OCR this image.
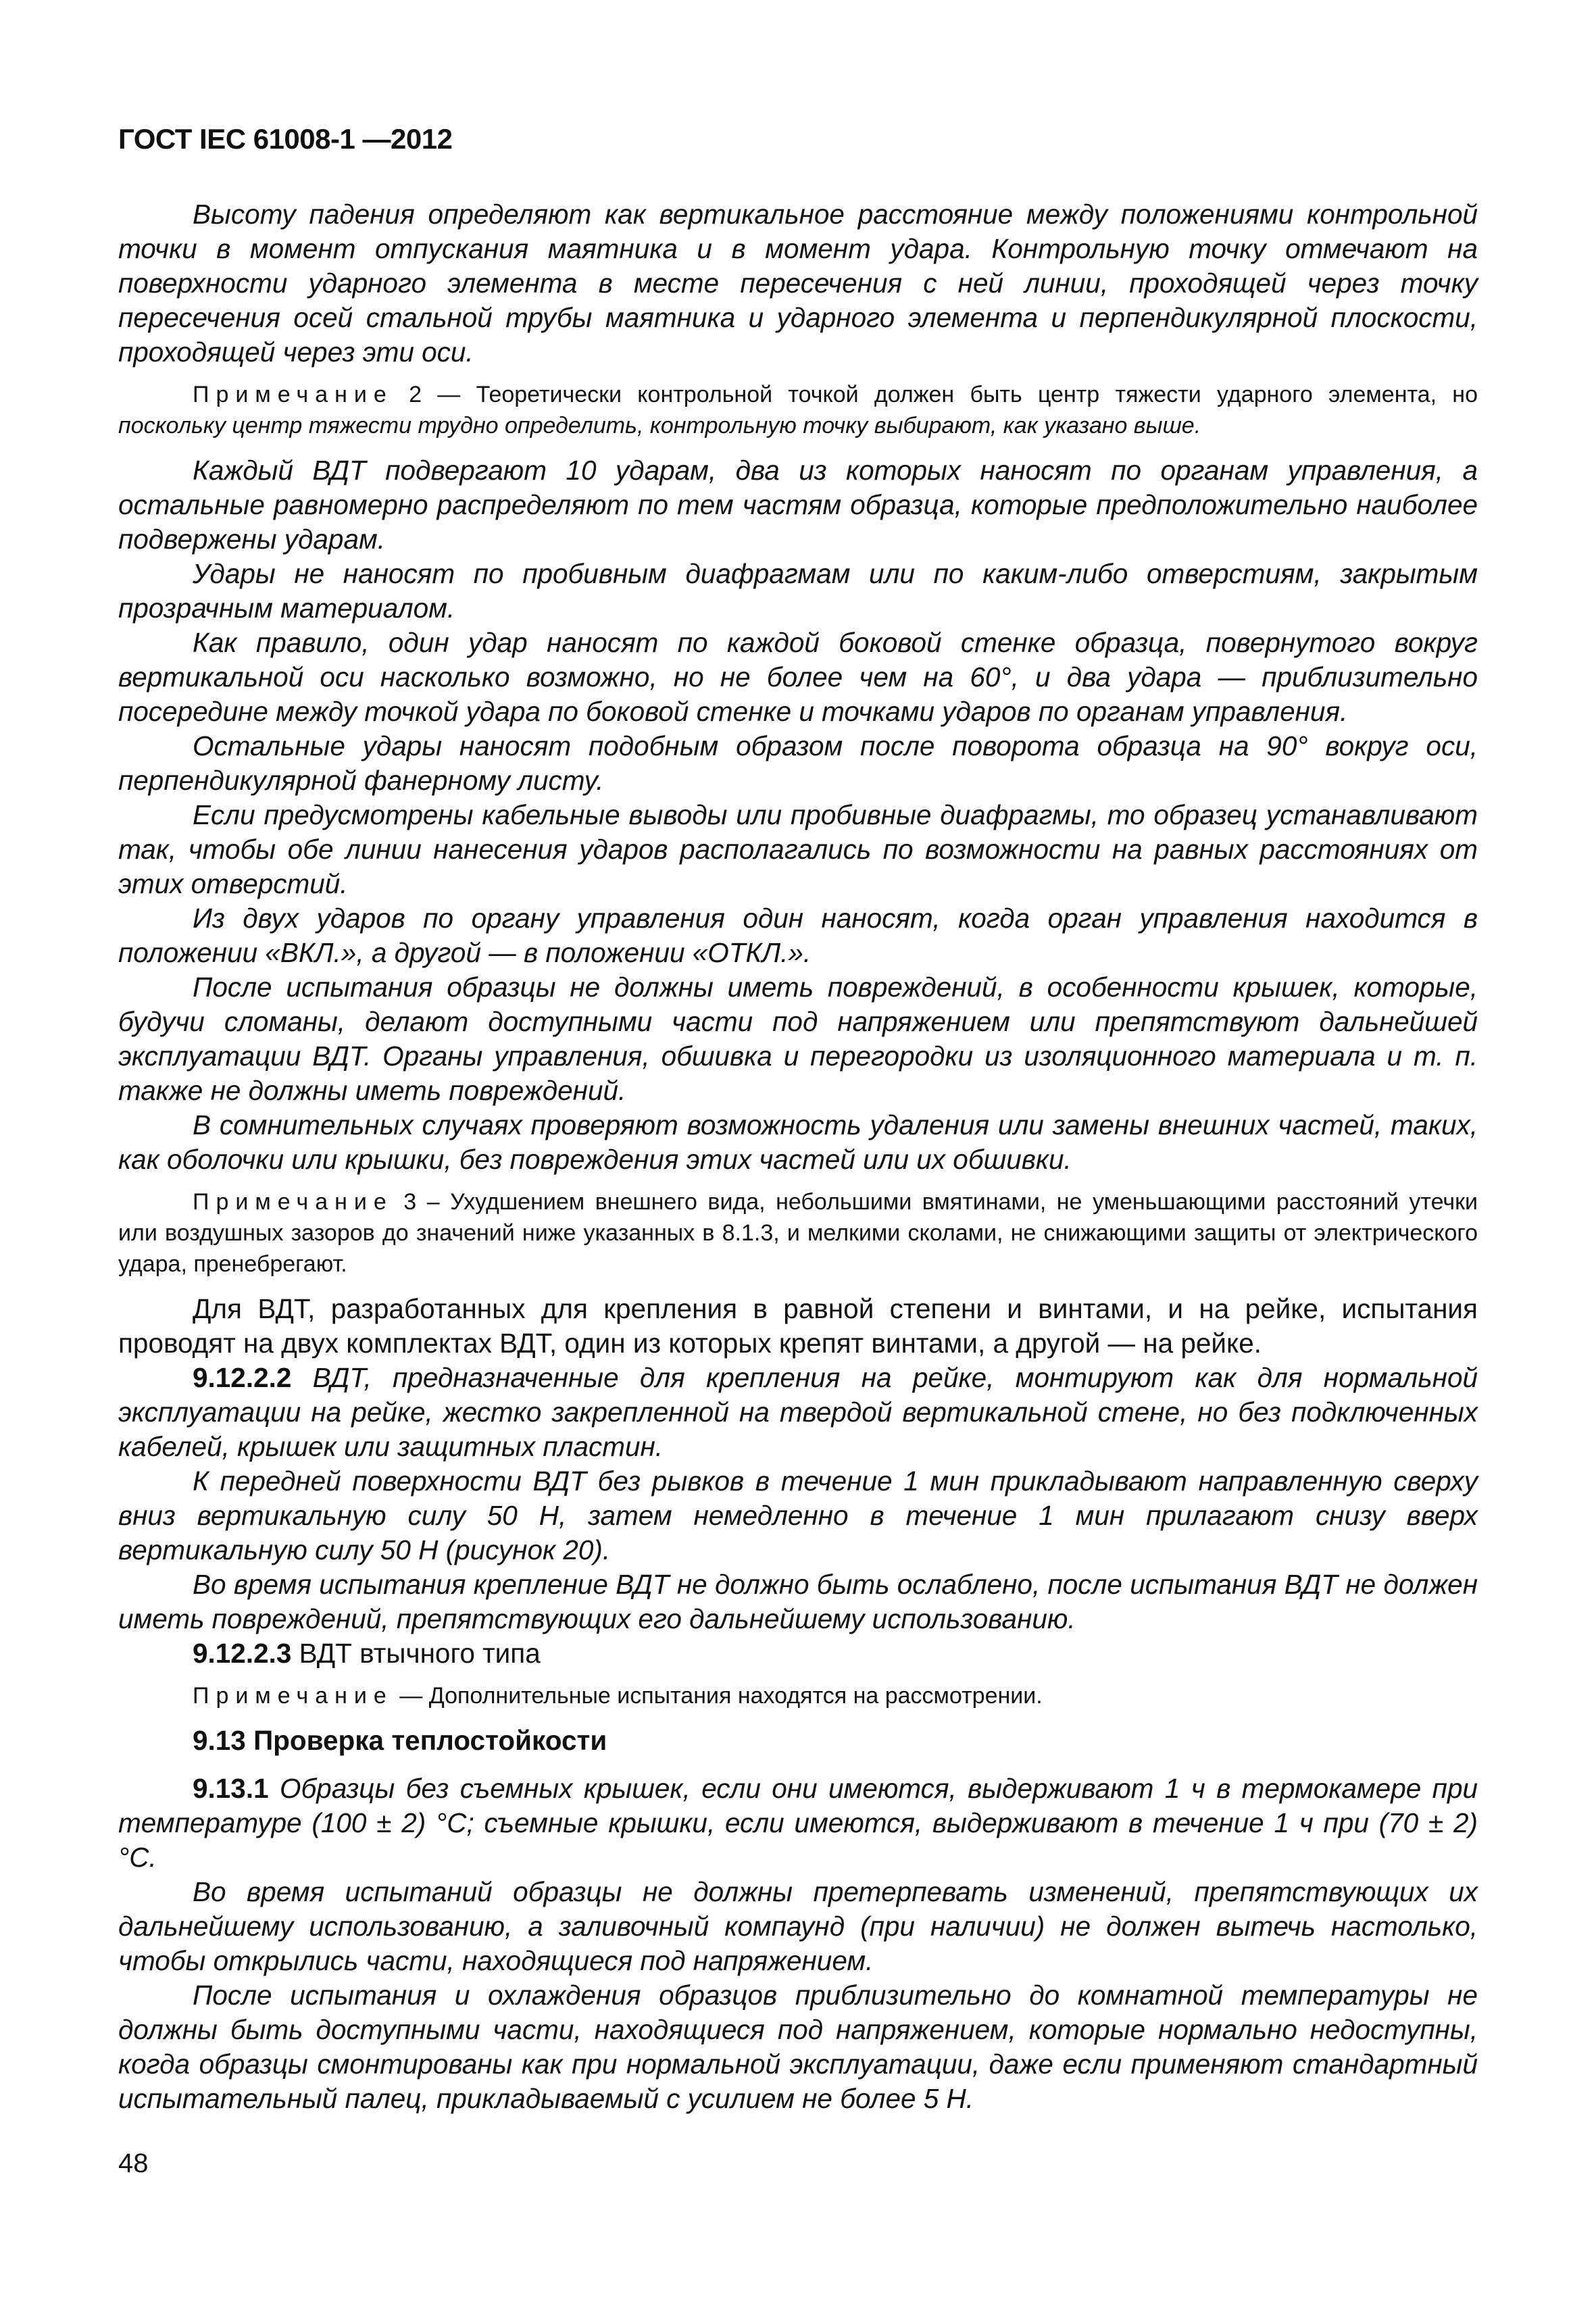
ГОСТ IEC 61008-1 —2012

Высоту падения определяют как вертикальное расстояние между положениями контрольной точки в момент отпускания маятника и в момент удара. Контрольную точку отмечают на поверхности ударного элемента в месте пересечения с ней линии, проходящей через точку пересечения осей стальной трубы маятника и ударного элемента и перпендикулярной плоскости, проходящей через эти оси.

Примечание 2 — Теоретически контрольной точкой должен быть центр тяжести ударного элемента, но поскольку центр тяжести трудно определить, контрольную точку выбирают, как указано выше.

Каждый ВДТ подвергают 10 ударам, два из которых наносят по органам управления, а остальные равномерно распределяют по тем частям образца, которые предположительно наиболее подвержены ударам.

Удары не наносят по пробивным диафрагмам или по каким-либо отверстиям, закрытым прозрачным материалом.

Как правило, один удар наносят по каждой боковой стенке образца, повернутого вокруг вертикальной оси насколько возможно, но не более чем на 60°, и два удара — приблизительно посередине между точкой удара по боковой стенке и точками ударов по органам управления.

Остальные удары наносят подобным образом после поворота образца на 90° вокруг оси, перпендикулярной фанерному листу.

Если предусмотрены кабельные выводы или пробивные диафрагмы, то образец устанавливают так, чтобы обе линии нанесения ударов располагались по возможности на равных расстояниях от этих отверстий.

Из двух ударов по органу управления один наносят, когда орган управления находится в положении «ВКЛ.», а другой — в положении «ОТКЛ.».

После испытания образцы не должны иметь повреждений, в особенности крышек, которые, будучи сломаны, делают доступными части под напряжением или препятствуют дальнейшей эксплуатации ВДТ. Органы управления, обшивка и перегородки из изоляционного материала и т. п. также не должны иметь повреждений.

В сомнительных случаях проверяют возможность удаления или замены внешних частей, таких, как оболочки или крышки, без повреждения этих частей или их обшивки.

Примечание 3 – Ухудшением внешнего вида, небольшими вмятинами, не уменьшающими расстояний утечки или воздушных зазоров до значений ниже указанных в 8.1.3, и мелкими сколами, не снижающими защиты от электрического удара, пренебрегают.

Для ВДТ, разработанных для крепления в равной степени и винтами, и на рейке, испытания проводят на двух комплектах ВДТ, один из которых крепят винтами, а другой — на рейке.

9.12.2.2 ВДТ, предназначенные для крепления на рейке, монтируют как для нормальной эксплуатации на рейке, жестко закрепленной на твердой вертикальной стене, но без подключенных кабелей, крышек или защитных пластин.

К передней поверхности ВДТ без рывков в течение 1 мин прикладывают направленную сверху вниз вертикальную силу 50 Н, затем немедленно в течение 1 мин прилагают снизу вверх вертикальную силу 50 Н (рисунок 20).

Во время испытания крепление ВДТ не должно быть ослаблено, после испытания ВДТ не должен иметь повреждений, препятствующих его дальнейшему использованию.

9.12.2.3 ВДТ втычного типа

Примечание — Дополнительные испытания находятся на рассмотрении.

9.13 Проверка теплостойкости

9.13.1 Образцы без съемных крышек, если они имеются, выдерживают 1 ч в термокамере при температуре (100 ± 2) °С; съемные крышки, если имеются, выдерживают в течение 1 ч при (70 ± 2) °С.

Во время испытаний образцы не должны претерпевать изменений, препятствующих их дальнейшему использованию, а заливочный компаунд (при наличии) не должен вытечь настолько, чтобы открылись части, находящиеся под напряжением.

После испытания и охлаждения образцов приблизительно до комнатной температуры не должны быть доступными части, находящиеся под напряжением, которые нормально недоступны, когда образцы смонтированы как при нормальной эксплуатации, даже если применяют стандартный испытательный палец, прикладываемый с усилием не более 5 Н.

48
